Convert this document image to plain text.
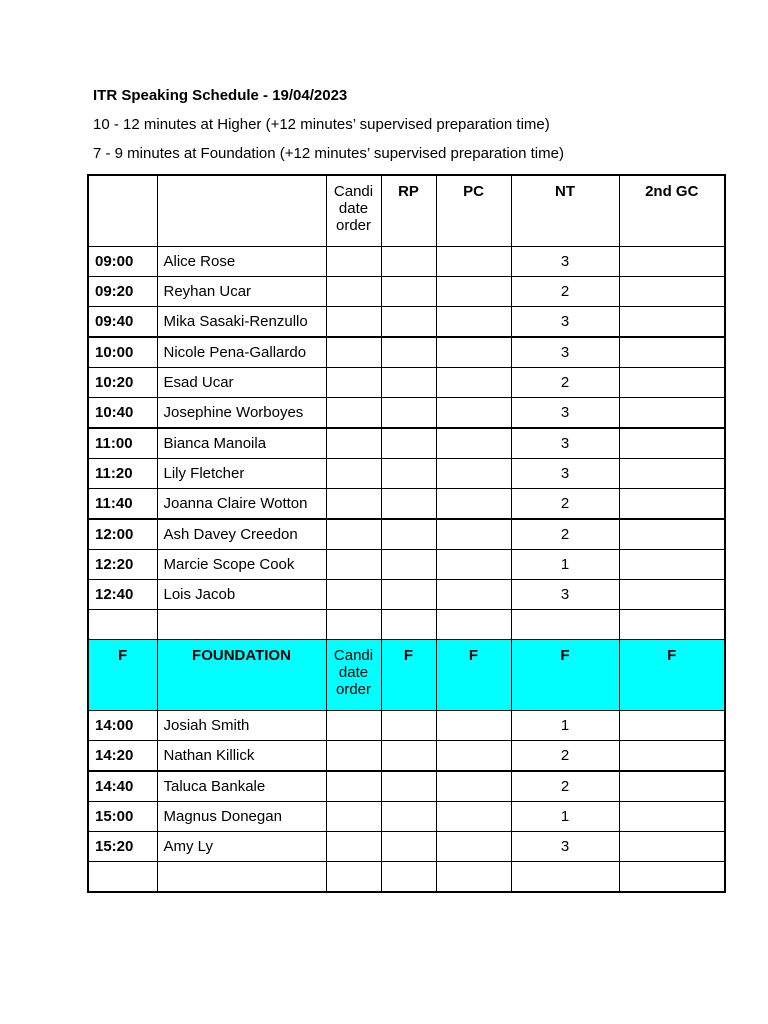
ITR Speaking Schedule - 19/04/2023
10 - 12 minutes at Higher (+12 minutes’ supervised preparation time)
7 - 9 minutes at Foundation (+12 minutes’ supervised preparation time)
		Candi
date
order	RP	PC	NT	2nd GC
09:00	Alice Rose				3	
09:20	Reyhan Ucar				2	
09:40	Mika Sasaki-Renzullo				3	
10:00	Nicole Pena-Gallardo				3	
10:20	Esad Ucar				2	
10:40	Josephine Worboyes				3	
11:00	Bianca Manoila				3	
11:20	Lily Fletcher				3	
11:40	Joanna Claire Wotton				2	
12:00	Ash Davey Creedon				2	
12:20	Marcie Scope Cook				1	
12:40	Lois Jacob				3	

F	FOUNDATION	Candi
date
order	F	F	F	F
14:00	Josiah Smith				1	
14:20	Nathan Killick				2	
14:40	Taluca Bankale				2	
15:00	Magnus Donegan				1	
15:20	Amy Ly				3	
